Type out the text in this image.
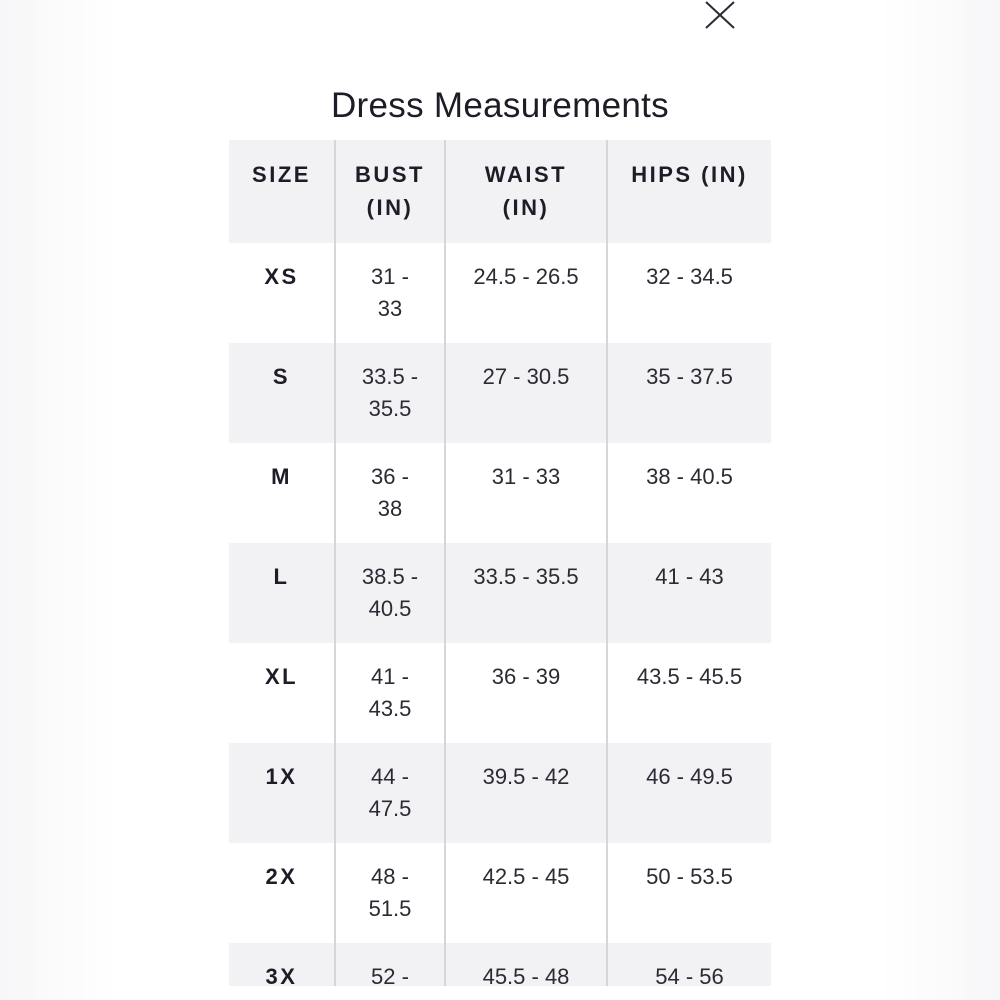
Dress Measurements
SIZE	BUST (IN)	WAIST (IN)	HIPS (IN)
XS	31 - 33	24.5 - 26.5	32 - 34.5
S	33.5 - 35.5	27 - 30.5	35 - 37.5
M	36 - 38	31 - 33	38 - 40.5
L	38.5 - 40.5	33.5 - 35.5	41 - 43
XL	41 - 43.5	36 - 39	43.5 - 45.5
1X	44 - 47.5	39.5 - 42	46 - 49.5
2X	48 - 51.5	42.5 - 45	50 - 53.5
3X	52 -	45.5 - 48	54 - 56
